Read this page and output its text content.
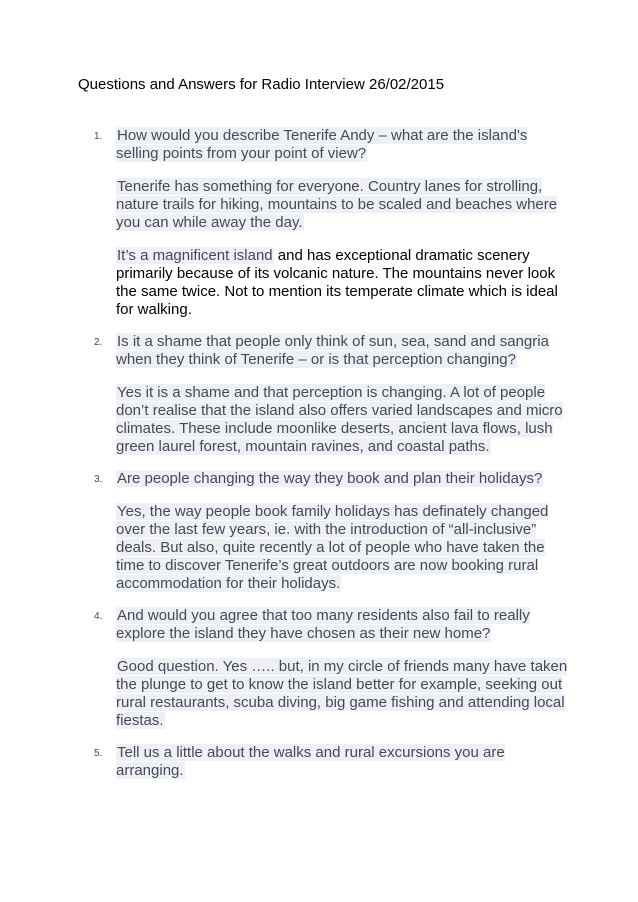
Questions and Answers for Radio Interview 26/02/2015
1. How would you describe Tenerife Andy – what are the island's selling points from your point of view?

Tenerife has something for everyone. Country lanes for strolling, nature trails for hiking, mountains to be scaled and beaches where you can while away the day.

It’s a magnificent island and has exceptional dramatic scenery primarily because of its volcanic nature. The mountains never look the same twice. Not to mention its temperate climate which is ideal for walking.

2. Is it a shame that people only think of sun, sea, sand and sangria when they think of Tenerife – or is that perception changing?

Yes it is a shame and that perception is changing. A lot of people don’t realise that the island also offers varied landscapes and micro climates. These include moonlike deserts, ancient lava flows, lush green laurel forest, mountain ravines, and coastal paths.

3. Are people changing the way they book and plan their holidays?

Yes, the way people book family holidays has definately changed over the last few years, ie. with the introduction of “all-inclusive” deals. But also, quite recently a lot of people who have taken the time to discover Tenerife’s great outdoors are now booking rural accommodation for their holidays.

4. And would you agree that too many residents also fail to really explore the island they have chosen as their new home?

Good question. Yes ….. but, in my circle of friends many have taken the plunge to get to know the island better for example, seeking out rural restaurants, scuba diving, big game fishing and attending local fiestas.

5. Tell us a little about the walks and rural excursions you are arranging.
